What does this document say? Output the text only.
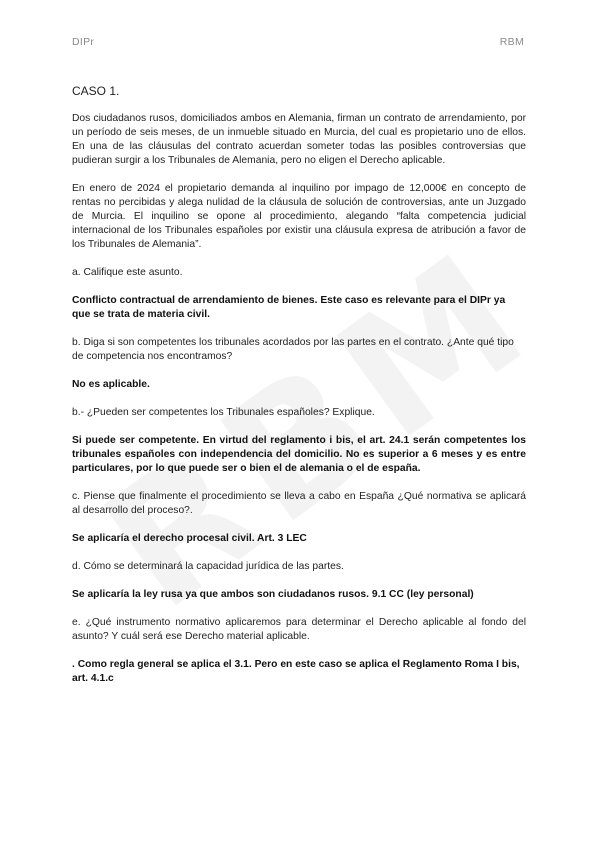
DIPr	RBM
CASO 1.

Dos ciudadanos rusos, domiciliados ambos en Alemania, firman un contrato de arrendamiento, por un período de seis meses, de un inmueble situado en Murcia, del cual es propietario uno de ellos. En una de las cláusulas del contrato acuerdan someter todas las posibles controversias que pudieran surgir a los Tribunales de Alemania, pero no eligen el Derecho aplicable.

En enero de 2024 el propietario demanda al inquilino por impago de 12,000€ en concepto de rentas no percibidas y alega nulidad de la cláusula de solución de controversias, ante un Juzgado de Murcia. El inquilino se opone al procedimiento, alegando “falta competencia judicial internacional de los Tribunales españoles por existir una cláusula expresa de atribución a favor de los Tribunales de Alemania”.

a. Califique este asunto.

Conflicto contractual de arrendamiento de bienes. Este caso es relevante para el DIPr ya que se trata de materia civil.

b. Diga si son competentes los tribunales acordados por las partes en el contrato. ¿Ante qué tipo de competencia nos encontramos?

No es aplicable.

b.- ¿Pueden ser competentes los Tribunales españoles? Explique.

Si puede ser competente. En virtud del reglamento i bis, el art. 24.1 serán competentes los tribunales españoles con independencia del domicilio. No es superior a 6 meses y es entre particulares, por lo que puede ser o bien el de alemania o el de españa.

c. Piense que finalmente el procedimiento se lleva a cabo en España ¿Qué normativa se aplicará al desarrollo del proceso?.

Se aplicaría el derecho procesal civil. Art. 3 LEC

d. Cómo se determinará la capacidad jurídica de las partes.

Se aplicaría la ley rusa ya que ambos son ciudadanos rusos. 9.1 CC (ley personal)

e. ¿Qué instrumento normativo aplicaremos para determinar el Derecho aplicable al fondo del asunto? Y cuál será ese Derecho material aplicable.

. Como regla general se aplica el 3.1. Pero en este caso se aplica el Reglamento Roma I bis, art. 4.1.c
